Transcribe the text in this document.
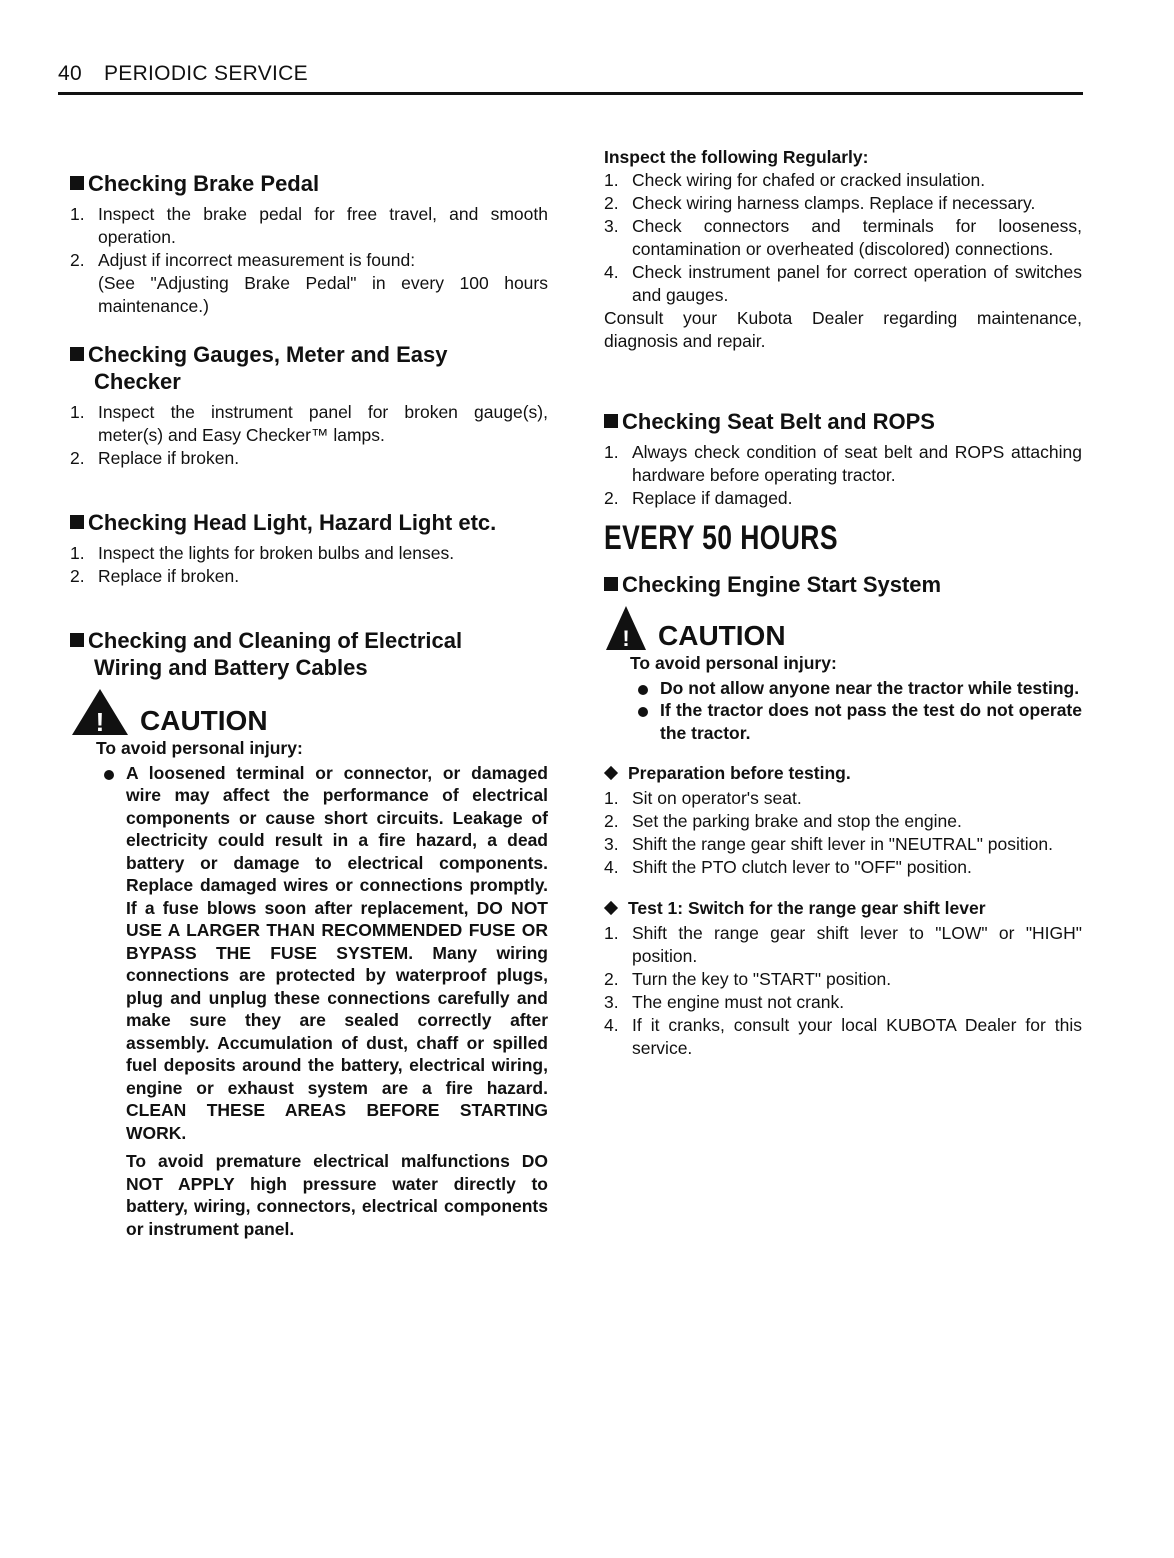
40 PERIODIC SERVICE
Checking Brake Pedal
1. Inspect the brake pedal for free travel, and smooth operation.
2. Adjust if incorrect measurement is found:
(See "Adjusting Brake Pedal" in every 100 hours maintenance.)
Checking Gauges, Meter and Easy
Checker
1. Inspect the instrument panel for broken gauge(s), meter(s) and Easy Checker™ lamps.
2. Replace if broken.
Checking Head Light, Hazard Light etc.
1. Inspect the lights for broken bulbs and lenses.
2. Replace if broken.
Checking and Cleaning of Electrical
Wiring and Battery Cables
! CAUTION

To avoid personal injury:

A loosened terminal or connector, or damaged wire may affect the performance of electrical components or cause short circuits. Leakage of electricity could result in a fire hazard, a dead battery or damage to electrical components. Replace damaged wires or connections promptly. If a fuse blows soon after replacement, DO NOT USE A LARGER THAN RECOMMENDED FUSE OR BYPASS THE FUSE SYSTEM. Many wiring connections are protected by waterproof plugs, plug and unplug these connections carefully and make sure they are sealed correctly after assembly. Accumulation of dust, chaff or spilled fuel deposits around the battery, electrical wiring, engine or exhaust system are a fire hazard. CLEAN THESE AREAS BEFORE STARTING WORK.

To avoid premature electrical malfunctions DO NOT APPLY high pressure water directly to battery, wiring, connectors, electrical components or instrument panel.

Inspect the following Regularly:

1. Check wiring for chafed or cracked insulation.
2. Check wiring harness clamps. Replace if necessary.
3. Check connectors and terminals for looseness, contamination or overheated (discolored) connections.
4. Check instrument panel for correct operation of switches and gauges.

Consult your Kubota Dealer regarding maintenance, diagnosis and repair.

Checking Seat Belt and ROPS
1. Always check condition of seat belt and ROPS attaching hardware before operating tractor.
2. Replace if damaged.

EVERY 50 HOURS

Checking Engine Start System
! CAUTION

To avoid personal injury:

Do not allow anyone near the tractor while testing.
If the tractor does not pass the test do not operate the tractor.

Preparation before testing.

1. Sit on operator's seat.
2. Set the parking brake and stop the engine.
3. Shift the range gear shift lever in "NEUTRAL" position.
4. Shift the PTO clutch lever to "OFF" position.

Test 1: Switch for the range gear shift lever

1. Shift the range gear shift lever to "LOW" or "HIGH" position.
2. Turn the key to "START" position.
3. The engine must not crank.
4. If it cranks, consult your local KUBOTA Dealer for this service.
